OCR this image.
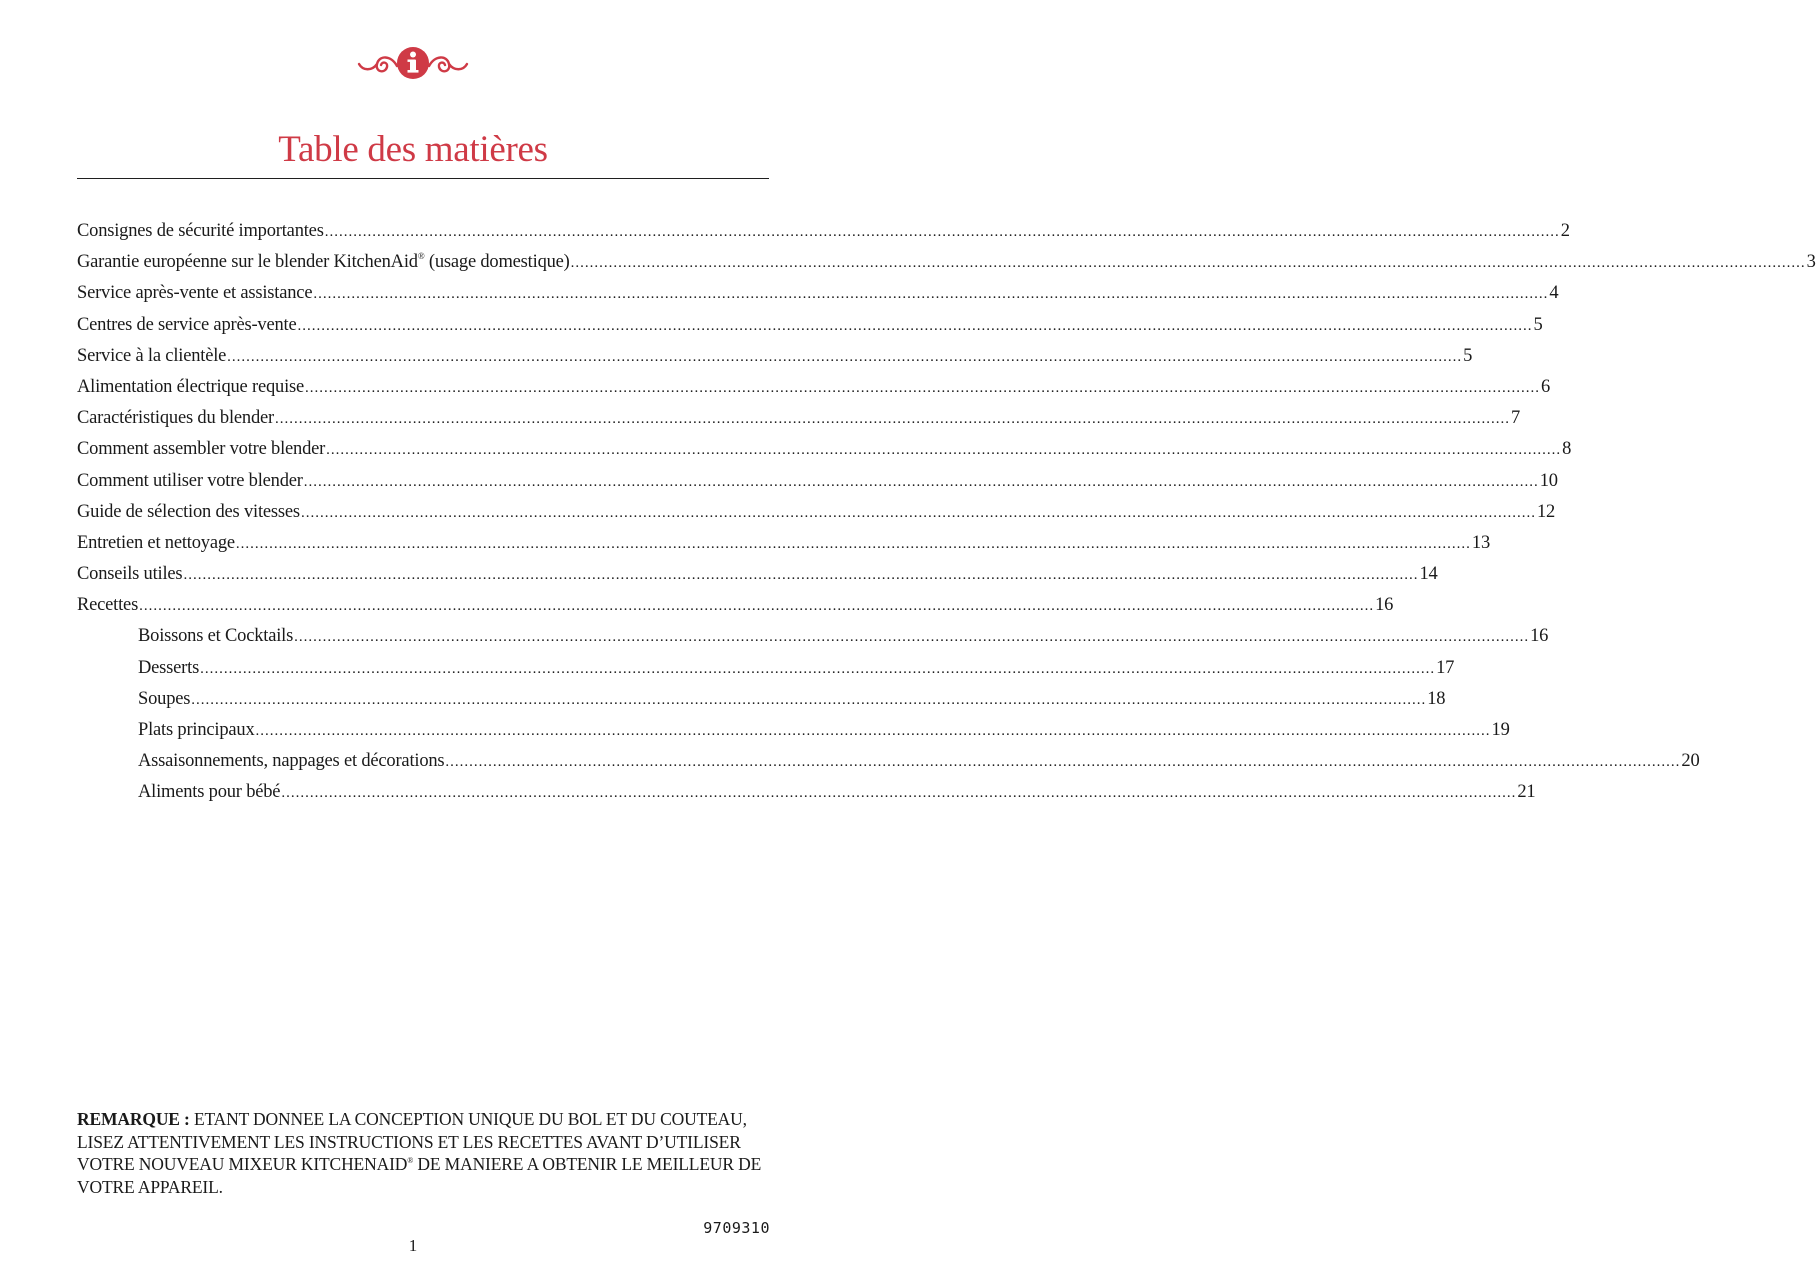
Table des matières
Consignes de sécurité importantes .................................................................................................................................................................................................................................................................... 2
Garantie européenne sur le blender KitchenAid® (usage domestique) .................................................................................................................................................................................................................................................................... 3
Service après-vente et assistance .................................................................................................................................................................................................................................................................... 4
Centres de service après-vente .................................................................................................................................................................................................................................................................... 5
Service à la clientèle .................................................................................................................................................................................................................................................................... 5
Alimentation électrique requise .................................................................................................................................................................................................................................................................... 6
Caractéristiques du blender .................................................................................................................................................................................................................................................................... 7
Comment assembler votre blender .................................................................................................................................................................................................................................................................... 8
Comment utiliser votre blender .................................................................................................................................................................................................................................................................... 10
Guide de sélection des vitesses .................................................................................................................................................................................................................................................................... 12
Entretien et nettoyage .................................................................................................................................................................................................................................................................... 13
Conseils utiles .................................................................................................................................................................................................................................................................... 14
Recettes .................................................................................................................................................................................................................................................................... 16
Boissons et Cocktails .................................................................................................................................................................................................................................................................... 16
Desserts .................................................................................................................................................................................................................................................................... 17
Soupes .................................................................................................................................................................................................................................................................... 18
Plats principaux .................................................................................................................................................................................................................................................................... 19
Assaisonnements, nappages et décorations .................................................................................................................................................................................................................................................................... 20
Aliments pour bébé .................................................................................................................................................................................................................................................................... 21
REMARQUE : ETANT DONNEE LA CONCEPTION UNIQUE DU BOL ET DU COUTEAU, LISEZ ATTENTIVEMENT LES INSTRUCTIONS ET LES RECETTES AVANT D’UTILISER VOTRE NOUVEAU MIXEUR KITCHENAID® DE MANIERE A OBTENIR LE MEILLEUR DE VOTRE APPAREIL.
9709310
1
